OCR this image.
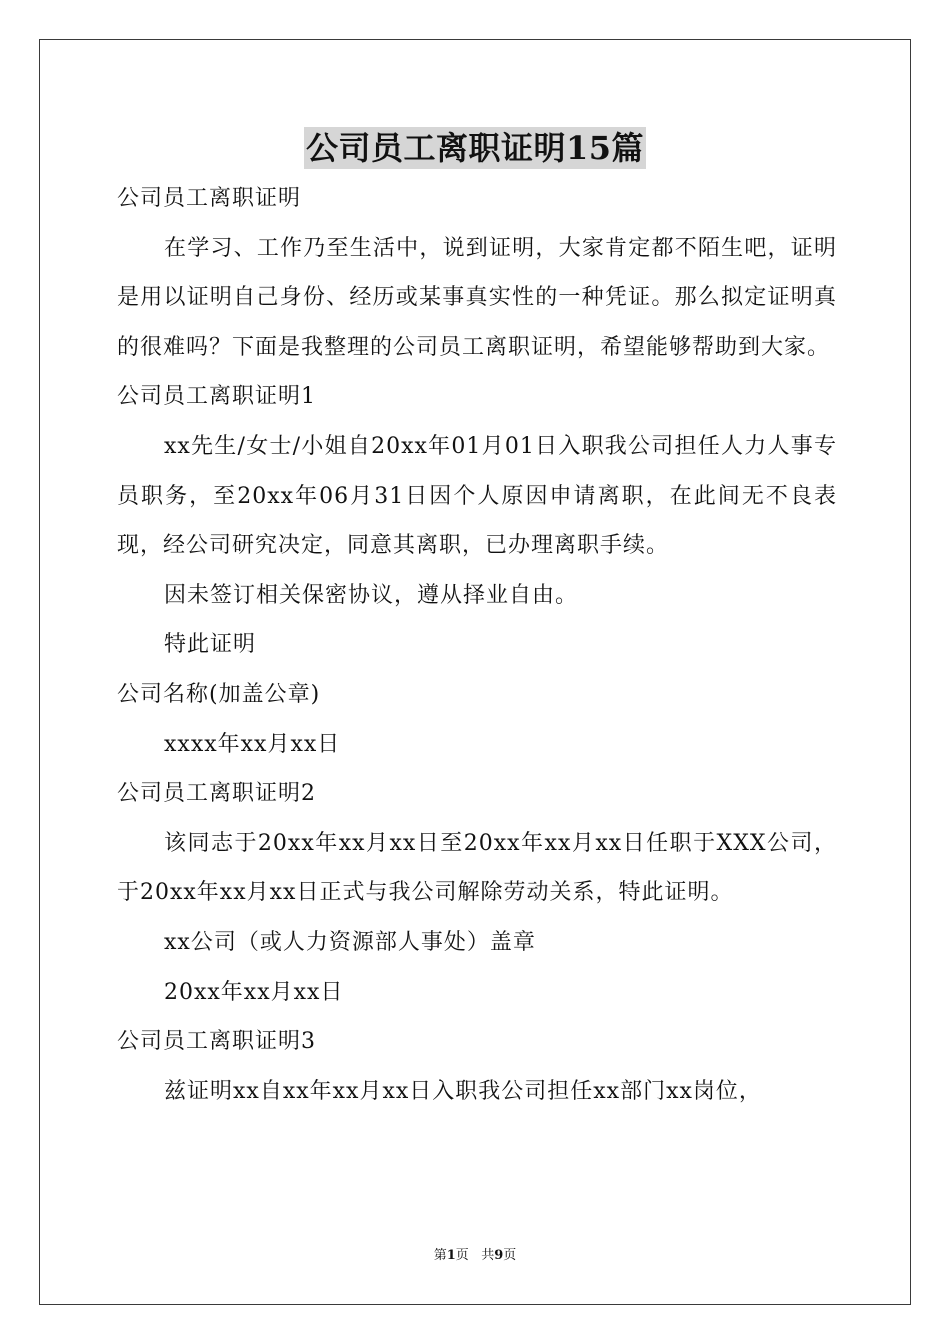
公司员工离职证明15篇

公司员工离职证明

在学习、工作乃至生活中，说到证明，大家肯定都不陌生吧，证明是用以证明自己身份、经历或某事真实性的一种凭证。那么拟定证明真的很难吗？下面是我整理的公司员工离职证明，希望能够帮助到大家。

公司员工离职证明1

xx先生/女士/小姐自20xx年01月01日入职我公司担任人力人事专员职务，至20xx年06月31日因个人原因申请离职，在此间无不良表现，经公司研究决定，同意其离职，已办理离职手续。

因未签订相关保密协议，遵从择业自由。

特此证明

公司名称(加盖公章)

xxxx年xx月xx日

公司员工离职证明2

该同志于20xx年xx月xx日至20xx年xx月xx日任职于XXX公司，于20xx年xx月xx日正式与我公司解除劳动关系，特此证明。

xx公司（或人力资源部人事处）盖章

20xx年xx月xx日

公司员工离职证明3

兹证明xx自xx年xx月xx日入职我公司担任xx部门xx岗位，

第1页 共9页
